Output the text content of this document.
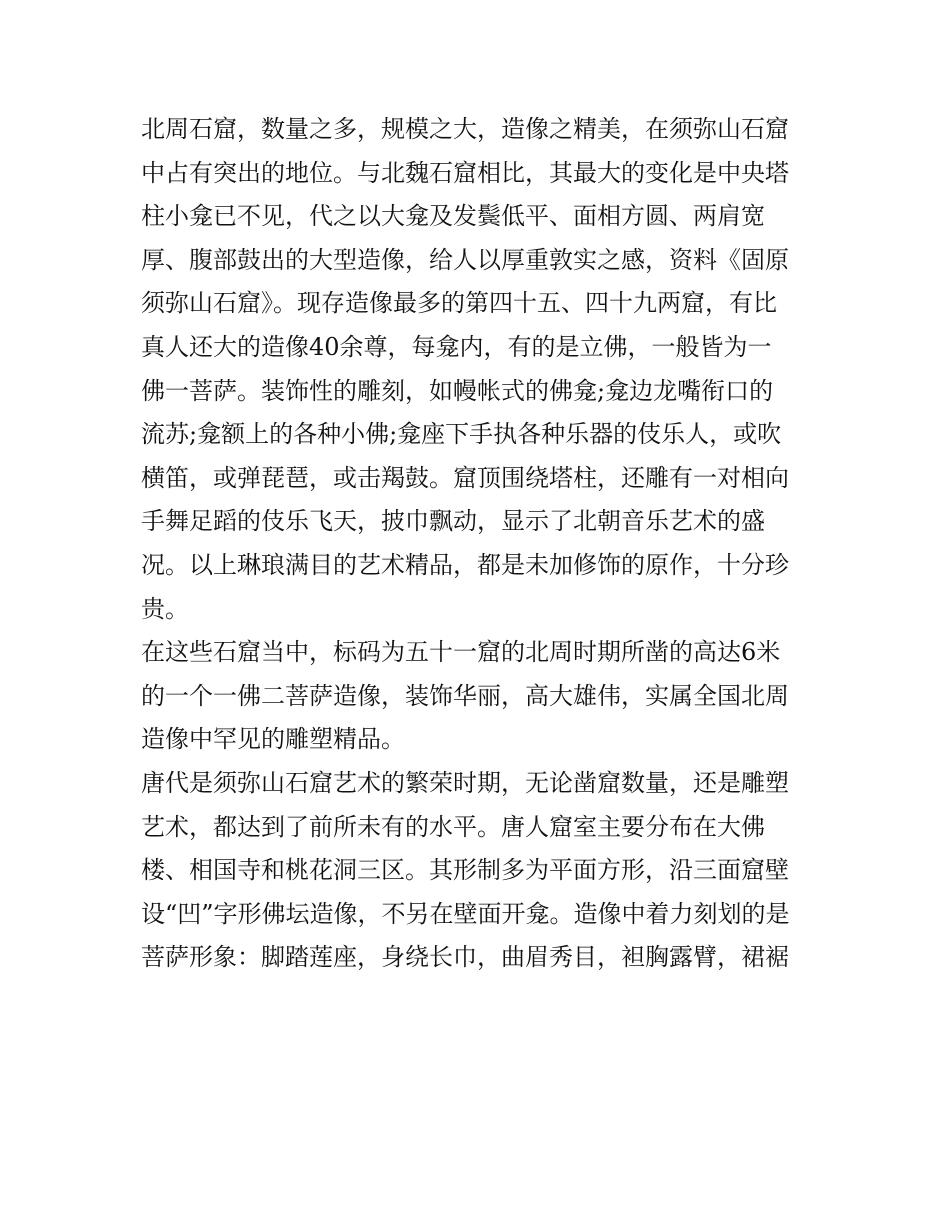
北周石窟，数量之多，规模之大，造像之精美，在须弥山石窟
中占有突出的地位。与北魏石窟相比，其最大的变化是中央塔
柱小龛已不见，代之以大龛及发鬓低平、面相方圆、两肩宽
厚、腹部鼓出的大型造像，给人以厚重敦实之感，资料《固原
须弥山石窟》。现存造像最多的第四十五、四十九两窟，有比
真人还大的造像40余尊，每龛内，有的是立佛，一般皆为一
佛一菩萨。装饰性的雕刻，如幔帐式的佛龛;龛边龙嘴衔口的
流苏;龛额上的各种小佛;龛座下手执各种乐器的伎乐人，或吹
横笛，或弹琵琶，或击羯鼓。窟顶围绕塔柱，还雕有一对相向
手舞足蹈的伎乐飞天，披巾飘动，显示了北朝音乐艺术的盛
况。以上琳琅满目的艺术精品，都是未加修饰的原作，十分珍
贵。
在这些石窟当中，标码为五十一窟的北周时期所凿的高达6米
的一个一佛二菩萨造像，装饰华丽，高大雄伟，实属全国北周
造像中罕见的雕塑精品。
唐代是须弥山石窟艺术的繁荣时期，无论凿窟数量，还是雕塑
艺术，都达到了前所未有的水平。唐人窟室主要分布在大佛
楼、相国寺和桃花洞三区。其形制多为平面方形，沿三面窟壁
设“凹”字形佛坛造像，不另在壁面开龛。造像中着力刻划的是
菩萨形象：脚踏莲座，身绕长巾，曲眉秀目，袒胸露臂，裙裾
